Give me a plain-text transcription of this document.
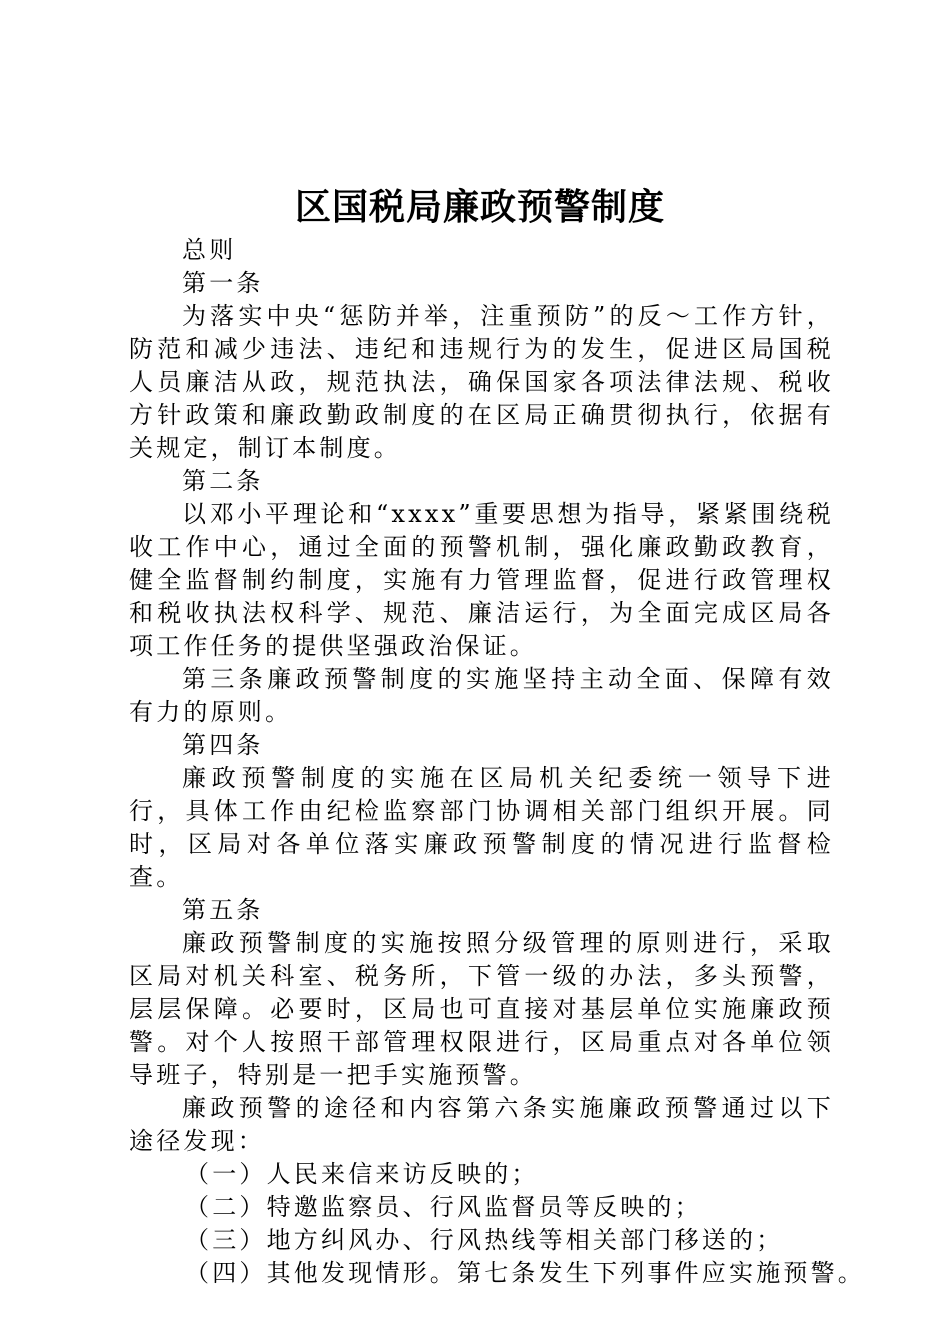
区国税局廉政预警制度

总则

第一条

为落实中央“惩防并举，注重预防”的反～工作方针，防范和减少违法、违纪和违规行为的发生，促进区局国税人员廉洁从政，规范执法，确保国家各项法律法规、税收方针政策和廉政勤政制度的在区局正确贯彻执行，依据有关规定，制订本制度。

第二条

以邓小平理论和“xxxx”重要思想为指导，紧紧围绕税收工作中心，通过全面的预警机制，强化廉政勤政教育，健全监督制约制度，实施有力管理监督，促进行政管理权和税收执法权科学、规范、廉洁运行，为全面完成区局各项工作任务的提供坚强政治保证。

第三条廉政预警制度的实施坚持主动全面、保障有效有力的原则。

第四条

廉政预警制度的实施在区局机关纪委统一领导下进行，具体工作由纪检监察部门协调相关部门组织开展。同时，区局对各单位落实廉政预警制度的情况进行监督检查。

第五条

廉政预警制度的实施按照分级管理的原则进行，采取区局对机关科室、税务所，下管一级的办法，多头预警，层层保障。必要时，区局也可直接对基层单位实施廉政预警。对个人按照干部管理权限进行，区局重点对各单位领导班子，特别是一把手实施预警。

廉政预警的途径和内容第六条实施廉政预警通过以下途径发现：

（一）人民来信来访反映的；

（二）特邀监察员、行风监督员等反映的；

（三）地方纠风办、行风热线等相关部门移送的；

（四）其他发现情形。第七条发生下列事件应实施预警。
